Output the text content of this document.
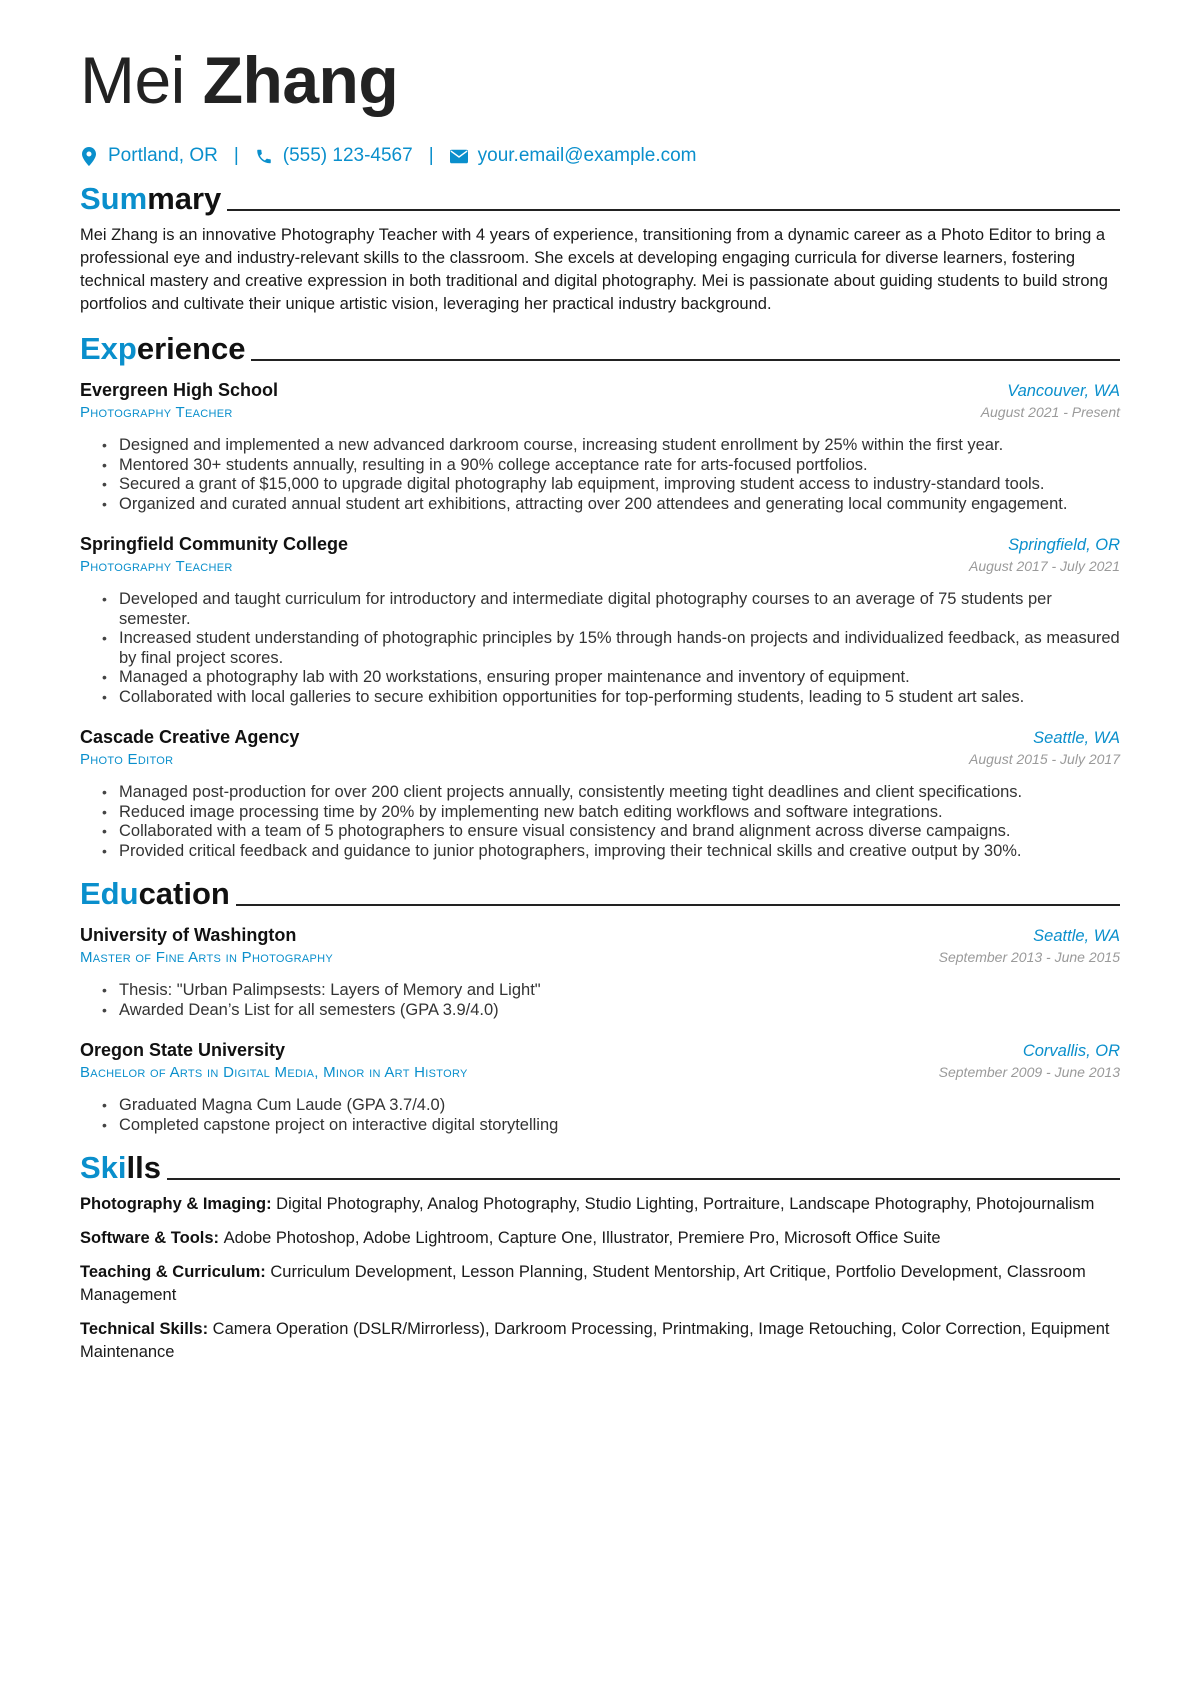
Mei Zhang
Portland, OR | (555) 123-4567 | your.email@example.com
Summary

Mei Zhang is an innovative Photography Teacher with 4 years of experience, transitioning from a dynamic career as a Photo Editor to bring a professional eye and industry-relevant skills to the classroom. She excels at developing engaging curricula for diverse learners, fostering technical mastery and creative expression in both traditional and digital photography. Mei is passionate about guiding students to build strong portfolios and cultivate their unique artistic vision, leveraging her practical industry background.

Experience
Evergreen High School	Vancouver, WA
Photography Teacher	August 2021 - Present
• Designed and implemented a new advanced darkroom course, increasing student enrollment by 25% within the first year.
• Mentored 30+ students annually, resulting in a 90% college acceptance rate for arts-focused portfolios.
• Secured a grant of $15,000 to upgrade digital photography lab equipment, improving student access to industry-standard tools.
• Organized and curated annual student art exhibitions, attracting over 200 attendees and generating local community engagement.
Springfield Community College	Springfield, OR
Photography Teacher	August 2017 - July 2021
• Developed and taught curriculum for introductory and intermediate digital photography courses to an average of 75 students per semester.
• Increased student understanding of photographic principles by 15% through hands-on projects and individualized feedback, as measured by final project scores.
• Managed a photography lab with 20 workstations, ensuring proper maintenance and inventory of equipment.
• Collaborated with local galleries to secure exhibition opportunities for top-performing students, leading to 5 student art sales.
Cascade Creative Agency	Seattle, WA
Photo Editor	August 2015 - July 2017
• Managed post-production for over 200 client projects annually, consistently meeting tight deadlines and client specifications.
• Reduced image processing time by 20% by implementing new batch editing workflows and software integrations.
• Collaborated with a team of 5 photographers to ensure visual consistency and brand alignment across diverse campaigns.
• Provided critical feedback and guidance to junior photographers, improving their technical skills and creative output by 30%.
Education
University of Washington	Seattle, WA
Master of Fine Arts in Photography	September 2013 - June 2015
• Thesis: "Urban Palimpsests: Layers of Memory and Light"
• Awarded Dean’s List for all semesters (GPA 3.9/4.0)
Oregon State University	Corvallis, OR
Bachelor of Arts in Digital Media, Minor in Art History	September 2009 - June 2013
• Graduated Magna Cum Laude (GPA 3.7/4.0)
• Completed capstone project on interactive digital storytelling
Skills
Photography & Imaging: Digital Photography, Analog Photography, Studio Lighting, Portraiture, Landscape Photography, Photojournalism
Software & Tools: Adobe Photoshop, Adobe Lightroom, Capture One, Illustrator, Premiere Pro, Microsoft Office Suite
Teaching & Curriculum: Curriculum Development, Lesson Planning, Student Mentorship, Art Critique, Portfolio Development, Classroom Management
Technical Skills: Camera Operation (DSLR/Mirrorless), Darkroom Processing, Printmaking, Image Retouching, Color Correction, Equipment Maintenance
